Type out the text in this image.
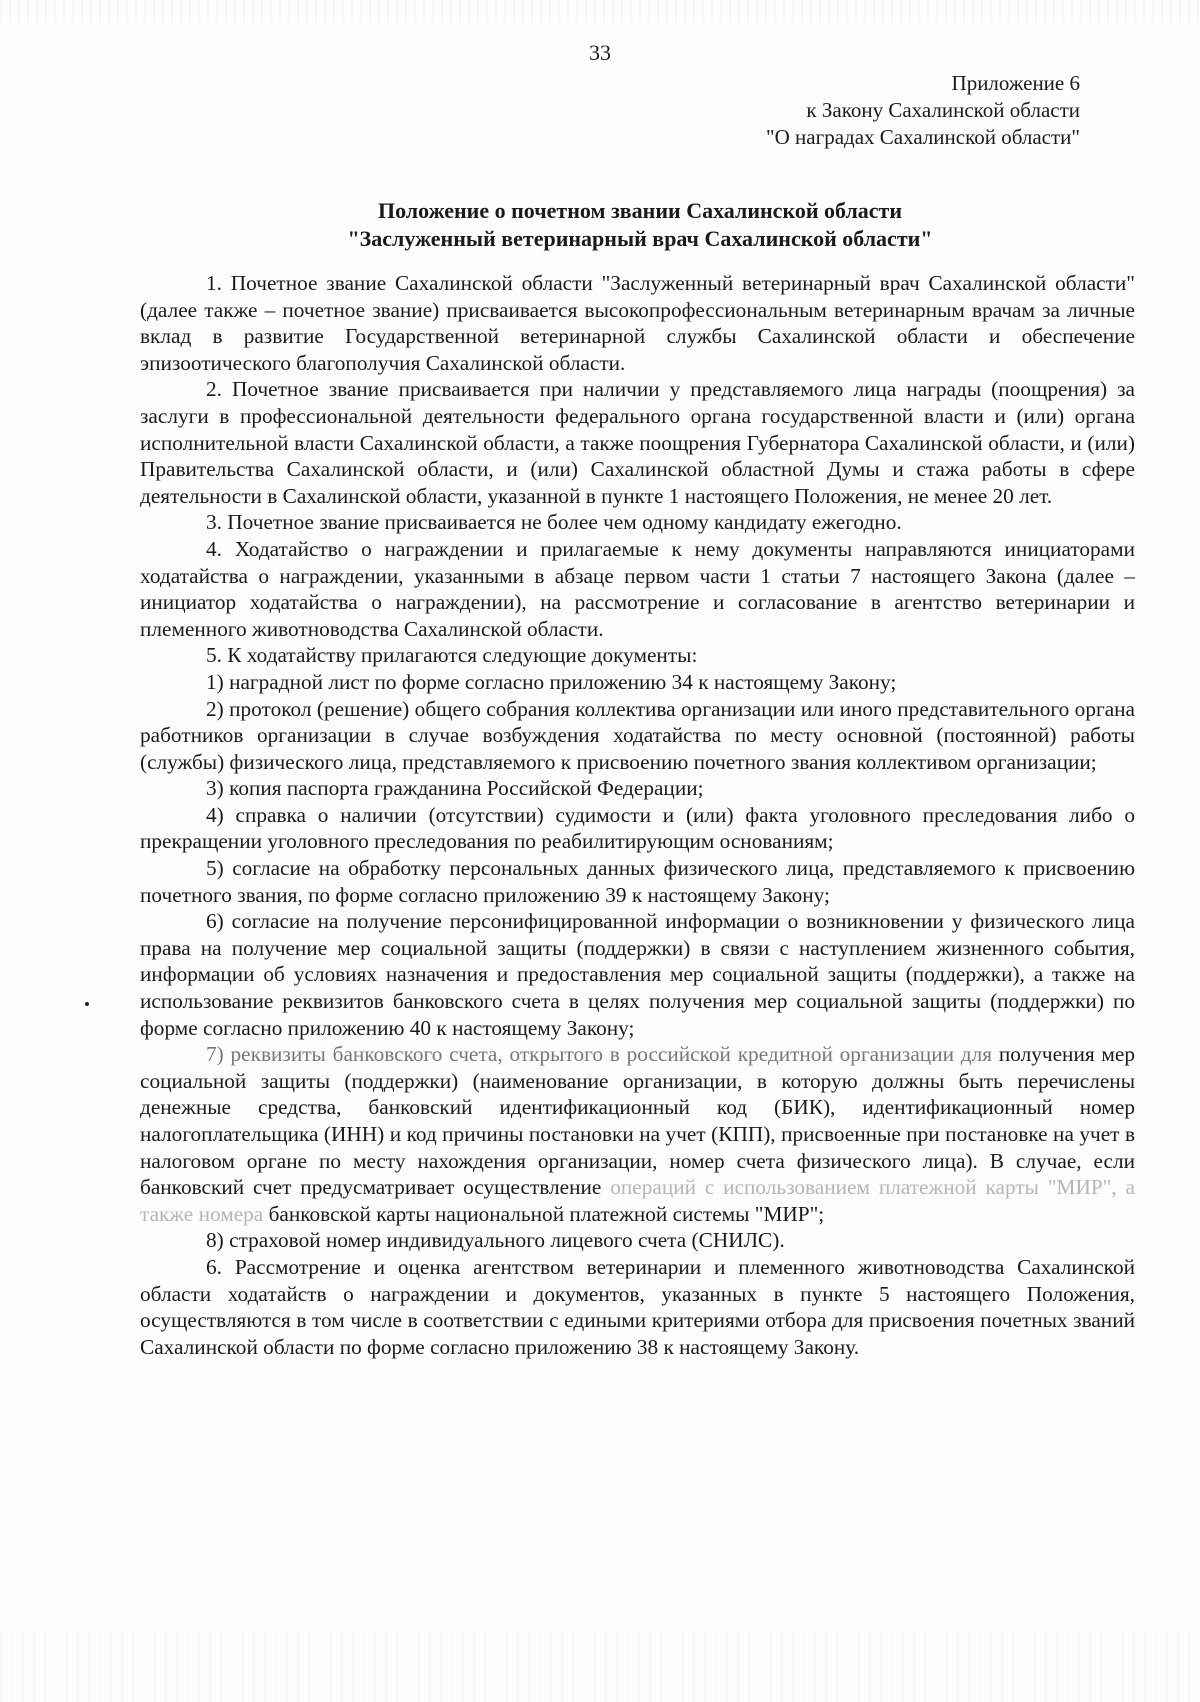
33
Приложение 6
к Закону Сахалинской области
"О наградах Сахалинской области"
Положение о почетном звании Сахалинской области
"Заслуженный ветеринарный врач Сахалинской области"

1. Почетное звание Сахалинской области "Заслуженный ветеринарный врач Сахалинской области" (далее также – почетное звание) присваивается высокопрофессиональным ветеринарным врачам за личные вклад в развитие Государственной ветеринарной службы Сахалинской области и обеспечение эпизоотического благополучия Сахалинской области.

2. Почетное звание присваивается при наличии у представляемого лица награды (поощрения) за заслуги в профессиональной деятельности федерального органа государственной власти и (или) органа исполнительной власти Сахалинской области, а также поощрения Губернатора Сахалинской области, и (или) Правительства Сахалинской области, и (или) Сахалинской областной Думы и стажа работы в сфере деятельности в Сахалинской области, указанной в пункте 1 настоящего Положения, не менее 20 лет.

3. Почетное звание присваивается не более чем одному кандидату ежегодно.

4. Ходатайство о награждении и прилагаемые к нему документы направляются инициаторами ходатайства о награждении, указанными в абзаце первом части 1 статьи 7 настоящего Закона (далее – инициатор ходатайства о награждении), на рассмотрение и согласование в агентство ветеринарии и племенного животноводства Сахалинской области.

5. К ходатайству прилагаются следующие документы:

1) наградной лист по форме согласно приложению 34 к настоящему Закону;

2) протокол (решение) общего собрания коллектива организации или иного представительного органа работников организации в случае возбуждения ходатайства по месту основной (постоянной) работы (службы) физического лица, представляемого к присвоению почетного звания коллективом организации;

3) копия паспорта гражданина Российской Федерации;

4) справка о наличии (отсутствии) судимости и (или) факта уголовного преследования либо о прекращении уголовного преследования по реабилитирующим основаниям;

5) согласие на обработку персональных данных физического лица, представляемого к присвоению почетного звания, по форме согласно приложению 39 к настоящему Закону;

6) согласие на получение персонифицированной информации о возникновении у физического лица права на получение мер социальной защиты (поддержки) в связи с наступлением жизненного события, информации об условиях назначения и предоставления мер социальной защиты (поддержки), а также на использование реквизитов банковского счета в целях получения мер социальной защиты (поддержки) по форме согласно приложению 40 к настоящему Закону;

7) реквизиты банковского счета, открытого в российской кредитной организации для получения мер социальной защиты (поддержки) (наименование организации, в которую должны быть перечислены денежные средства, банковский идентификационный код (БИК), идентификационный номер налогоплательщика (ИНН) и код причины постановки на учет (КПП), присвоенные при постановке на учет в налоговом органе по месту нахождения организации, номер счета физического лица). В случае, если банковский счет предусматривает осуществление операций с использованием платежной карты "МИР", а также номера банковской карты национальной платежной системы "МИР";

8) страховой номер индивидуального лицевого счета (СНИЛС).

6. Рассмотрение и оценка агентством ветеринарии и племенного животноводства Сахалинской области ходатайств о награждении и документов, указанных в пункте 5 настоящего Положения, осуществляются в том числе в соответствии с едиными критериями отбора для присвоения почетных званий Сахалинской области по форме согласно приложению 38 к настоящему Закону.
